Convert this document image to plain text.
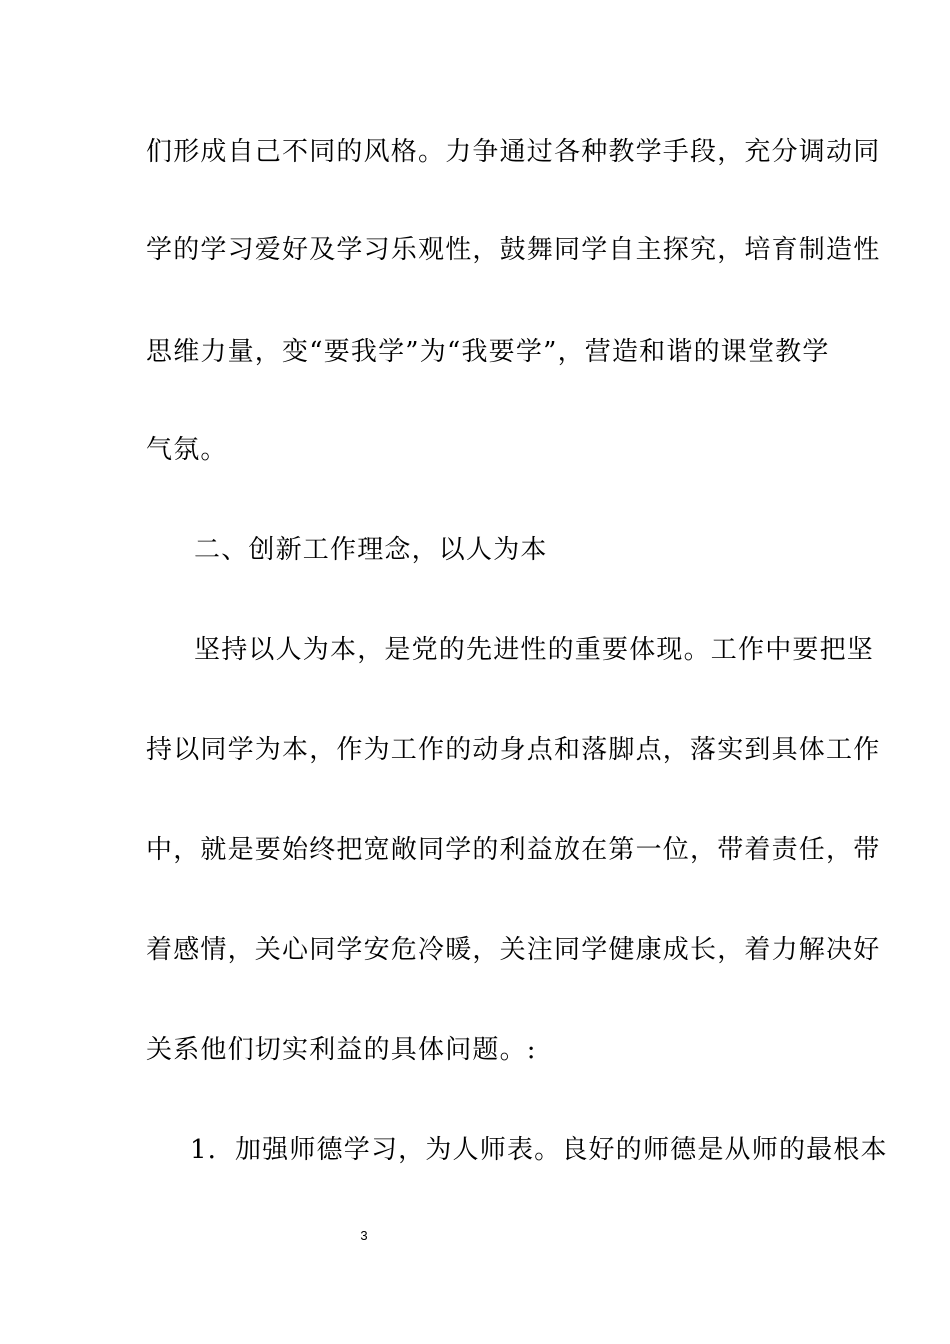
们形成自己不同的风格。力争通过各种教学手段，充分调动同
学的学习爱好及学习乐观性，鼓舞同学自主探究，培育制造性
思维力量，变“要我学”为“我要学”，营造和谐的课堂教学
气氛。
二、创新工作理念，以人为本
坚持以人为本，是党的先进性的重要体现。工作中要把坚
持以同学为本，作为工作的动身点和落脚点，落实到具体工作
中，就是要始终把宽敞同学的利益放在第一位，带着责任，带
着感情，关心同学安危冷暖，关注同学健康成长，着力解决好
关系他们切实利益的具体问题。:
1．加强师德学习，为人师表。良好的师德是从师的最根本
3
